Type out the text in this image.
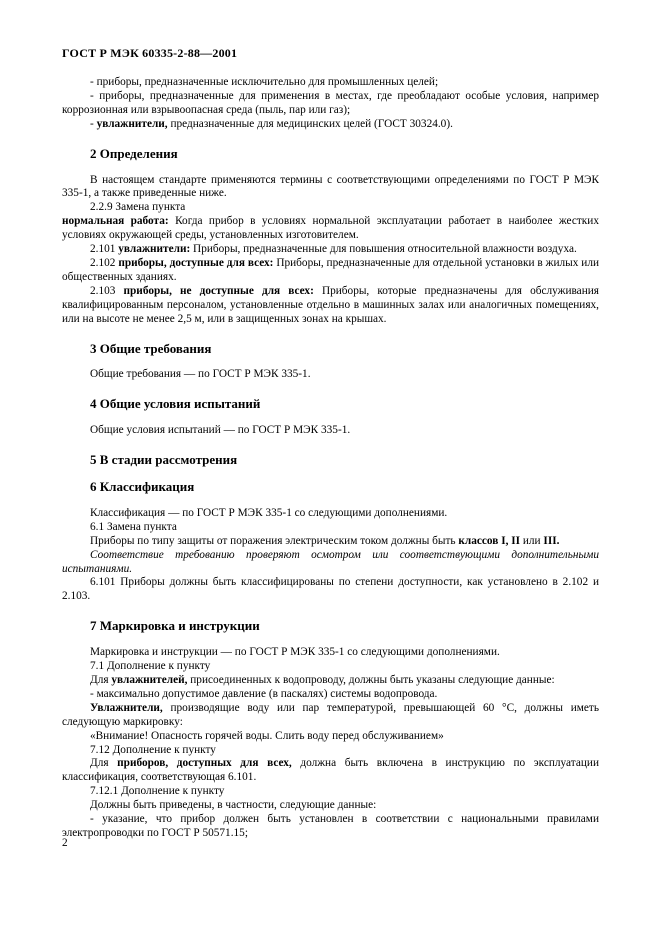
ГОСТ Р МЭК 60335-2-88—2001

- приборы, предназначенные исключительно для промышленных целей;

- приборы, предназначенные для применения в местах, где преобладают особые условия, например коррозионная или взрывоопасная среда (пыль, пар или газ);

- увлажнители, предназначенные для медицинских целей (ГОСТ 30324.0).

2 Определения

В настоящем стандарте применяются термины с соответствующими определениями по ГОСТ Р МЭК 335-1, а также приведенные ниже.

2.2.9 Замена пункта

нормальная работа: Когда прибор в условиях нормальной эксплуатации работает в наиболее жестких условиях окружающей среды, установленных изготовителем.

2.101 увлажнители: Приборы, предназначенные для повышения относительной влажности воздуха.

2.102 приборы, доступные для всех: Приборы, предназначенные для отдельной установки в жилых или общественных зданиях.

2.103 приборы, не доступные для всех: Приборы, которые предназначены для обслуживания квалифицированным персоналом, установленные отдельно в машинных залах или аналогичных помещениях, или на высоте не менее 2,5 м, или в защищенных зонах на крышах.

3 Общие требования

Общие требования — по ГОСТ Р МЭК 335-1.

4 Общие условия испытаний

Общие условия испытаний — по ГОСТ Р МЭК 335-1.

5 В стадии рассмотрения
6 Классификация

Классификация — по ГОСТ Р МЭК 335-1 со следующими дополнениями.

6.1 Замена пункта

Приборы по типу защиты от поражения электрическим током должны быть классов I, II или III.

Соответствие требованию проверяют осмотром или соответствующими дополнительными испытаниями.

6.101 Приборы должны быть классифицированы по степени доступности, как установлено в 2.102 и 2.103.

7 Маркировка и инструкции

Маркировка и инструкции — по ГОСТ Р МЭК 335-1 со следующими дополнениями.

7.1 Дополнение к пункту

Для увлажнителей, присоединенных к водопроводу, должны быть указаны следующие данные:

- максимально допустимое давление (в паскалях) системы водопровода.

Увлажнители, производящие воду или пар температурой, превышающей 60 °С, должны иметь следующую маркировку:

«Внимание! Опасность горячей воды. Слить воду перед обслуживанием»

7.12 Дополнение к пункту

Для приборов, доступных для всех, должна быть включена в инструкцию по эксплуатации классификация, соответствующая 6.101.

7.12.1 Дополнение к пункту

Должны быть приведены, в частности, следующие данные:

- указание, что прибор должен быть установлен в соответствии с национальными правилами электропроводки по ГОСТ Р 50571.15;

2
